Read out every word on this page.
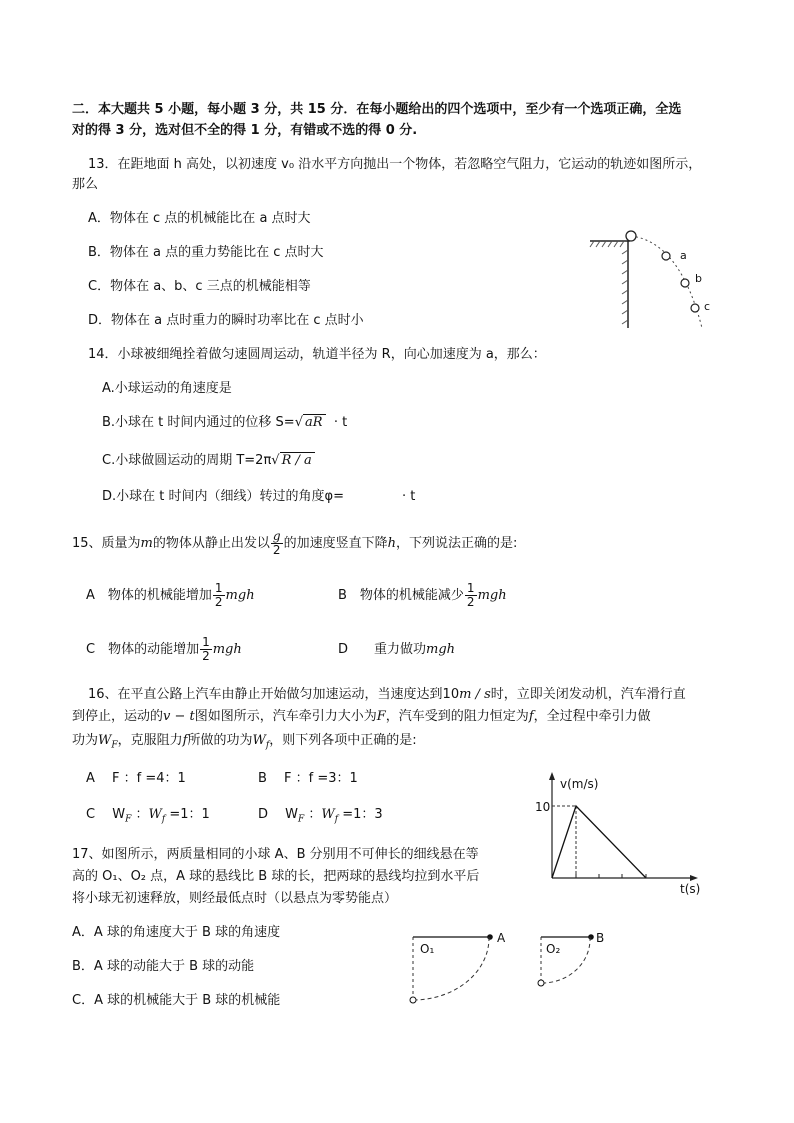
二．本大题共 5 小题，每小题 3 分，共 15 分．在每小题给出的四个选项中，至少有一个选项正确，全选
对的得 3 分，选对但不全的得 1 分，有错或不选的得 0 分.
13．在距地面 h 高处，以初速度 v₀ 沿水平方向抛出一个物体，若忽略空气阻力，它运动的轨迹如图所示，
那么
A．物体在 c 点的机械能比在 a 点时大
B．物体在 a 点的重力势能比在 c 点时大
C．物体在 a、b、c 三点的机械能相等
D．物体在 a 点时重力的瞬时功率比在 c 点时小
a
b
c
14．小球被细绳拴着做匀速圆周运动，轨道半径为 R，向心加速度为 a，那么：
A.小球运动的角速度是
B.小球在 t 时间内通过的位移 S=√ aR · t
C.小球做圆运动的周期 T=2π√ R / a
D.小球在 t 时间内（细线）转过的角度φ=	· t
15、质量为m的物体从静止出发以 $\frac{g}{2}$ 的加速度竖直下降h，下列说法正确的是:
A　物体的机械能增加 $\frac{1}{2}$ mgh	B　物体的机械能减少 $\frac{1}{2}$ mgh
C　物体的动能增加 $\frac{1}{2}$ mgh	D　　重力做功mgh
16、在平直公路上汽车由静止开始做匀加速运动，当速度达到10m / s时，立即关闭发动机，汽车滑行直
到停止，运动的v − t图如图所示，汽车牵引力大小为F，汽车受到的阻力恒定为f，全过程中牵引力做
功为$W_F$，克服阻力f所做的功为$W_f$，则下列各项中正确的是:
A　 F ：f =4：1	B　 F ：f =3：1
C　 $W_F$ ：$W_f =1$：1	D　 $W_F$ ：$W_f =1$：3
v(m/s)
10
t(s)
17、如图所示，两质量相同的小球 A、B 分别用不可伸长的细线悬在等
高的 O₁、O₂ 点，A 球的悬线比 B 球的长，把两球的悬线均拉到水平后
将小球无初速释放，则经最低点时（以悬点为零势能点）
A．A 球的角速度大于 B 球的角速度
B．A 球的动能大于 B 球的动能
C．A 球的机械能大于 B 球的机械能
O₁
A
O₂
B
